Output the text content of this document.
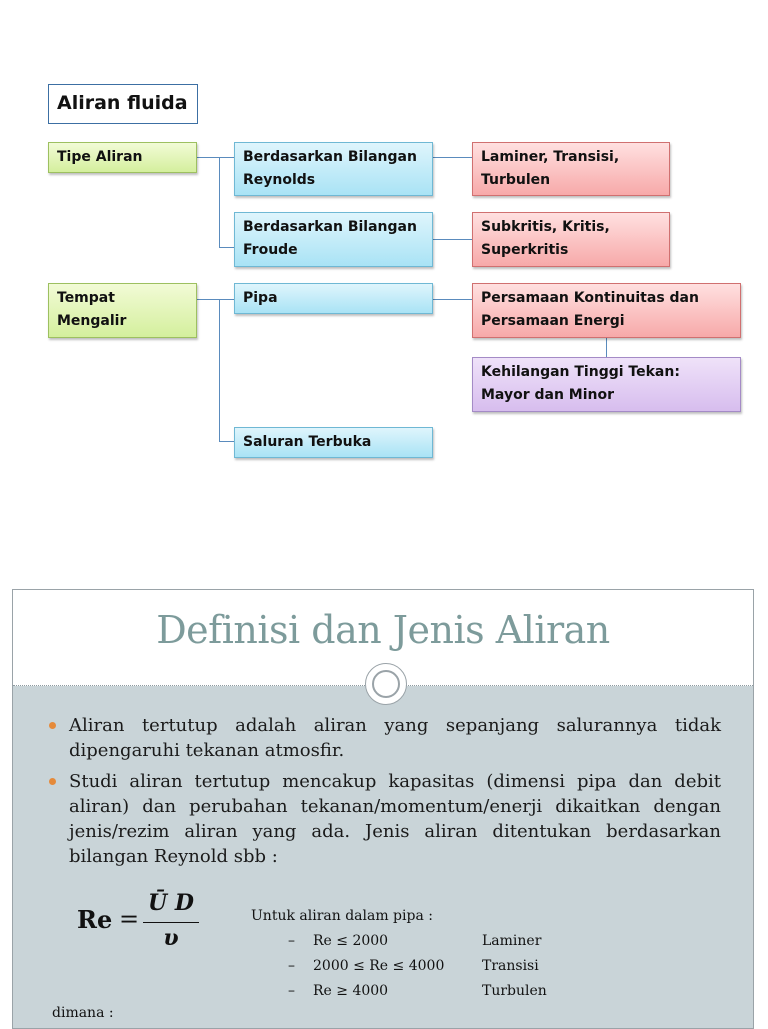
Aliran fluida
Tipe Aliran
Tempat Mengalir
Berdasarkan Bilangan Reynolds
Berdasarkan Bilangan Froude
Pipa
Saluran Terbuka
Laminer, Transisi, Turbulen
Subkritis, Kritis, Superkritis
Persamaan Kontinuitas dan Persamaan Energi
Kehilangan Tinggi Tekan: Mayor dan Minor
Definisi dan Jenis Aliran
Aliran tertutup adalah aliran yang sepanjang salurannya tidak dipengaruhi tekanan atmosfir.
Studi aliran tertutup mencakup kapasitas (dimensi pipa dan debit aliran) dan perubahan tekanan/momentum/enerji dikaitkan dengan jenis/rezim aliran yang ada. Jenis aliran ditentukan berdasarkan bilangan Reynold sbb :
Re =
Ū D
υ
Untuk aliran dalam pipa :
– Re ≤ 2000	Laminer
– 2000 ≤ Re ≤ 4000	Transisi
– Re ≥ 4000	Turbulen
dimana :
